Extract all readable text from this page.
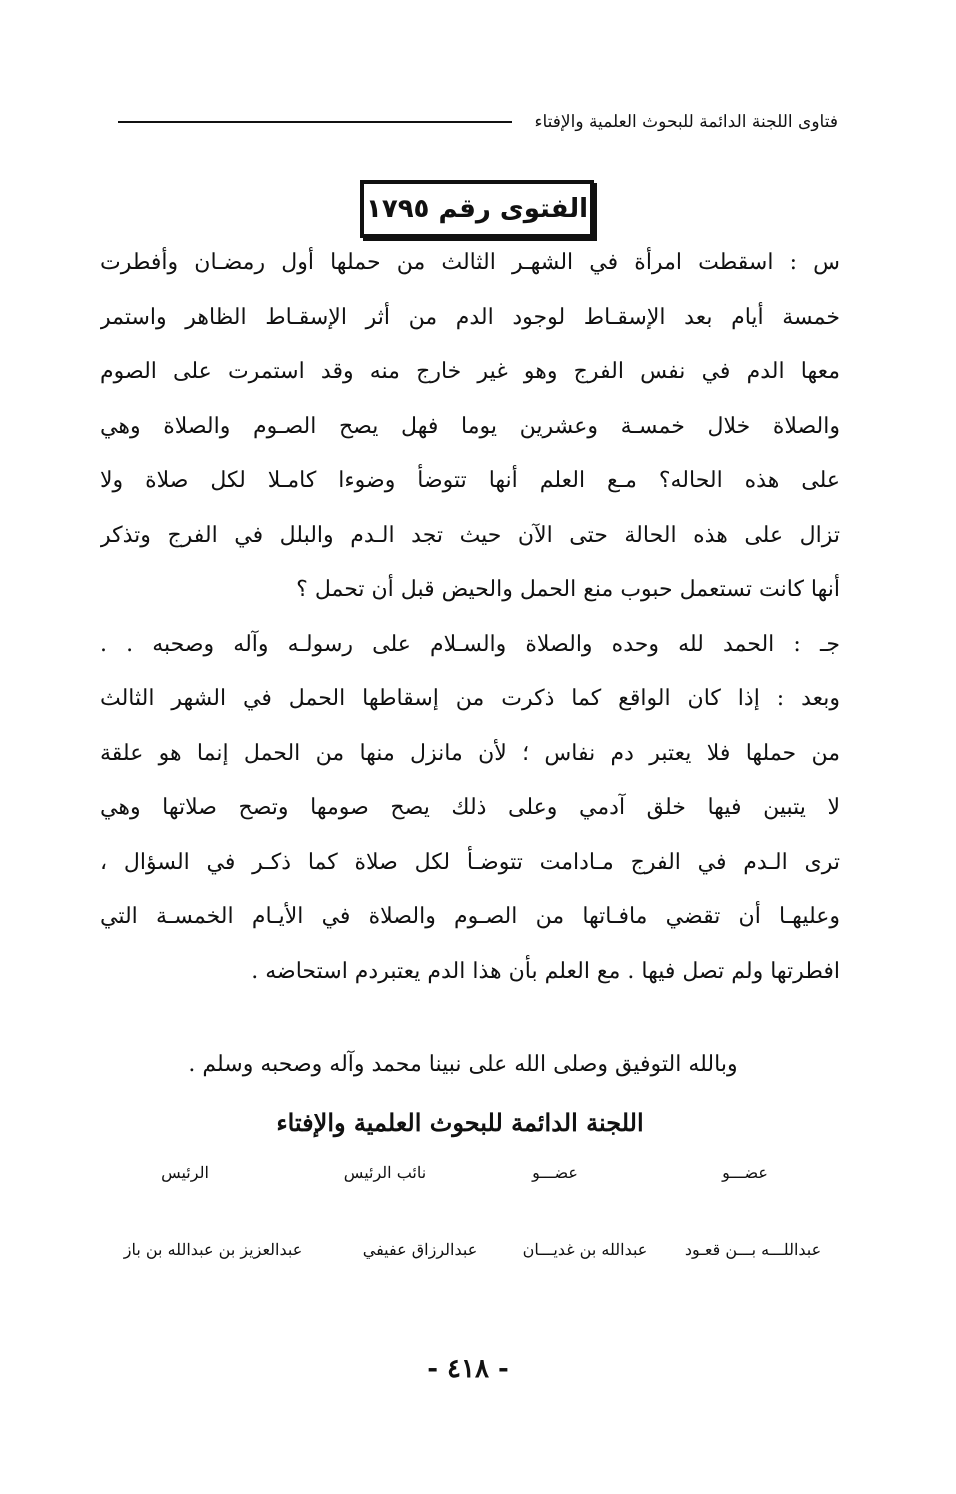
فتاوى اللجنة الدائمة للبحوث العلمية والإفتاء
الفتوى رقم ١٧٩٥
س : اسقطت امرأة في الشهـر الثالث من حملها أول رمضـان وأفطرت
خمسة أيام بعد الإسقـاط لوجود الدم من أثر الإسقـاط الظاهر واستمر
معها الدم في نفس الفرج وهو غير خارج منه وقد استمرت على الصوم
والصلاة خلال خمسـة وعشرين يوما فهل يصح الصـوم والصلاة وهي
على هذه الحاله؟ مـع العلم أنها تتوضأ وضوءا كامـلا لكل صلاة ولا
تزال على هذه الحالة حتى الآن حيث تجد الـدم والبلل في الفرج وتذكر
أنها كانت تستعمل حبوب منع الحمل والحيض قبل أن تحمل ؟
جـ : الحمد لله وحده والصلاة والسـلام على رسولـه وآله وصحبه . .
وبعد : إذا كان الواقع كما ذكرت من إسقاطها الحمل في الشهر الثالث
من حملها فلا يعتبر دم نفاس ؛ لأن مانزل منها من الحمل إنما هو علقة
لا يتبين فيها خلق آدمي وعلى ذلك يصح صومها وتصح صلاتها وهي
ترى الـدم في الفرج مـادامت تتوضـأ لكل صلاة كما ذكـر في السؤال ،
وعليهـا أن تقضي مافـاتها من الصـوم والصلاة في الأيـام الخمسـة التي
افطرتها ولم تصل فيها . مع العلم بأن هذا الدم يعتبردم استحاضه .
وبالله التوفيق وصلى الله على نبينا محمد وآله وصحبه وسلم .
اللجنة الدائمة للبحوث العلمية والإفتاء
عضـــو
عضـــو
نائب الرئيس
الرئيس
عبداللـــه بـــن قعـود
عبدالله بن غديـــان
عبدالرزاق عفيفي
عبدالعزيز بن عبدالله بن باز
- ٤١٨ -
